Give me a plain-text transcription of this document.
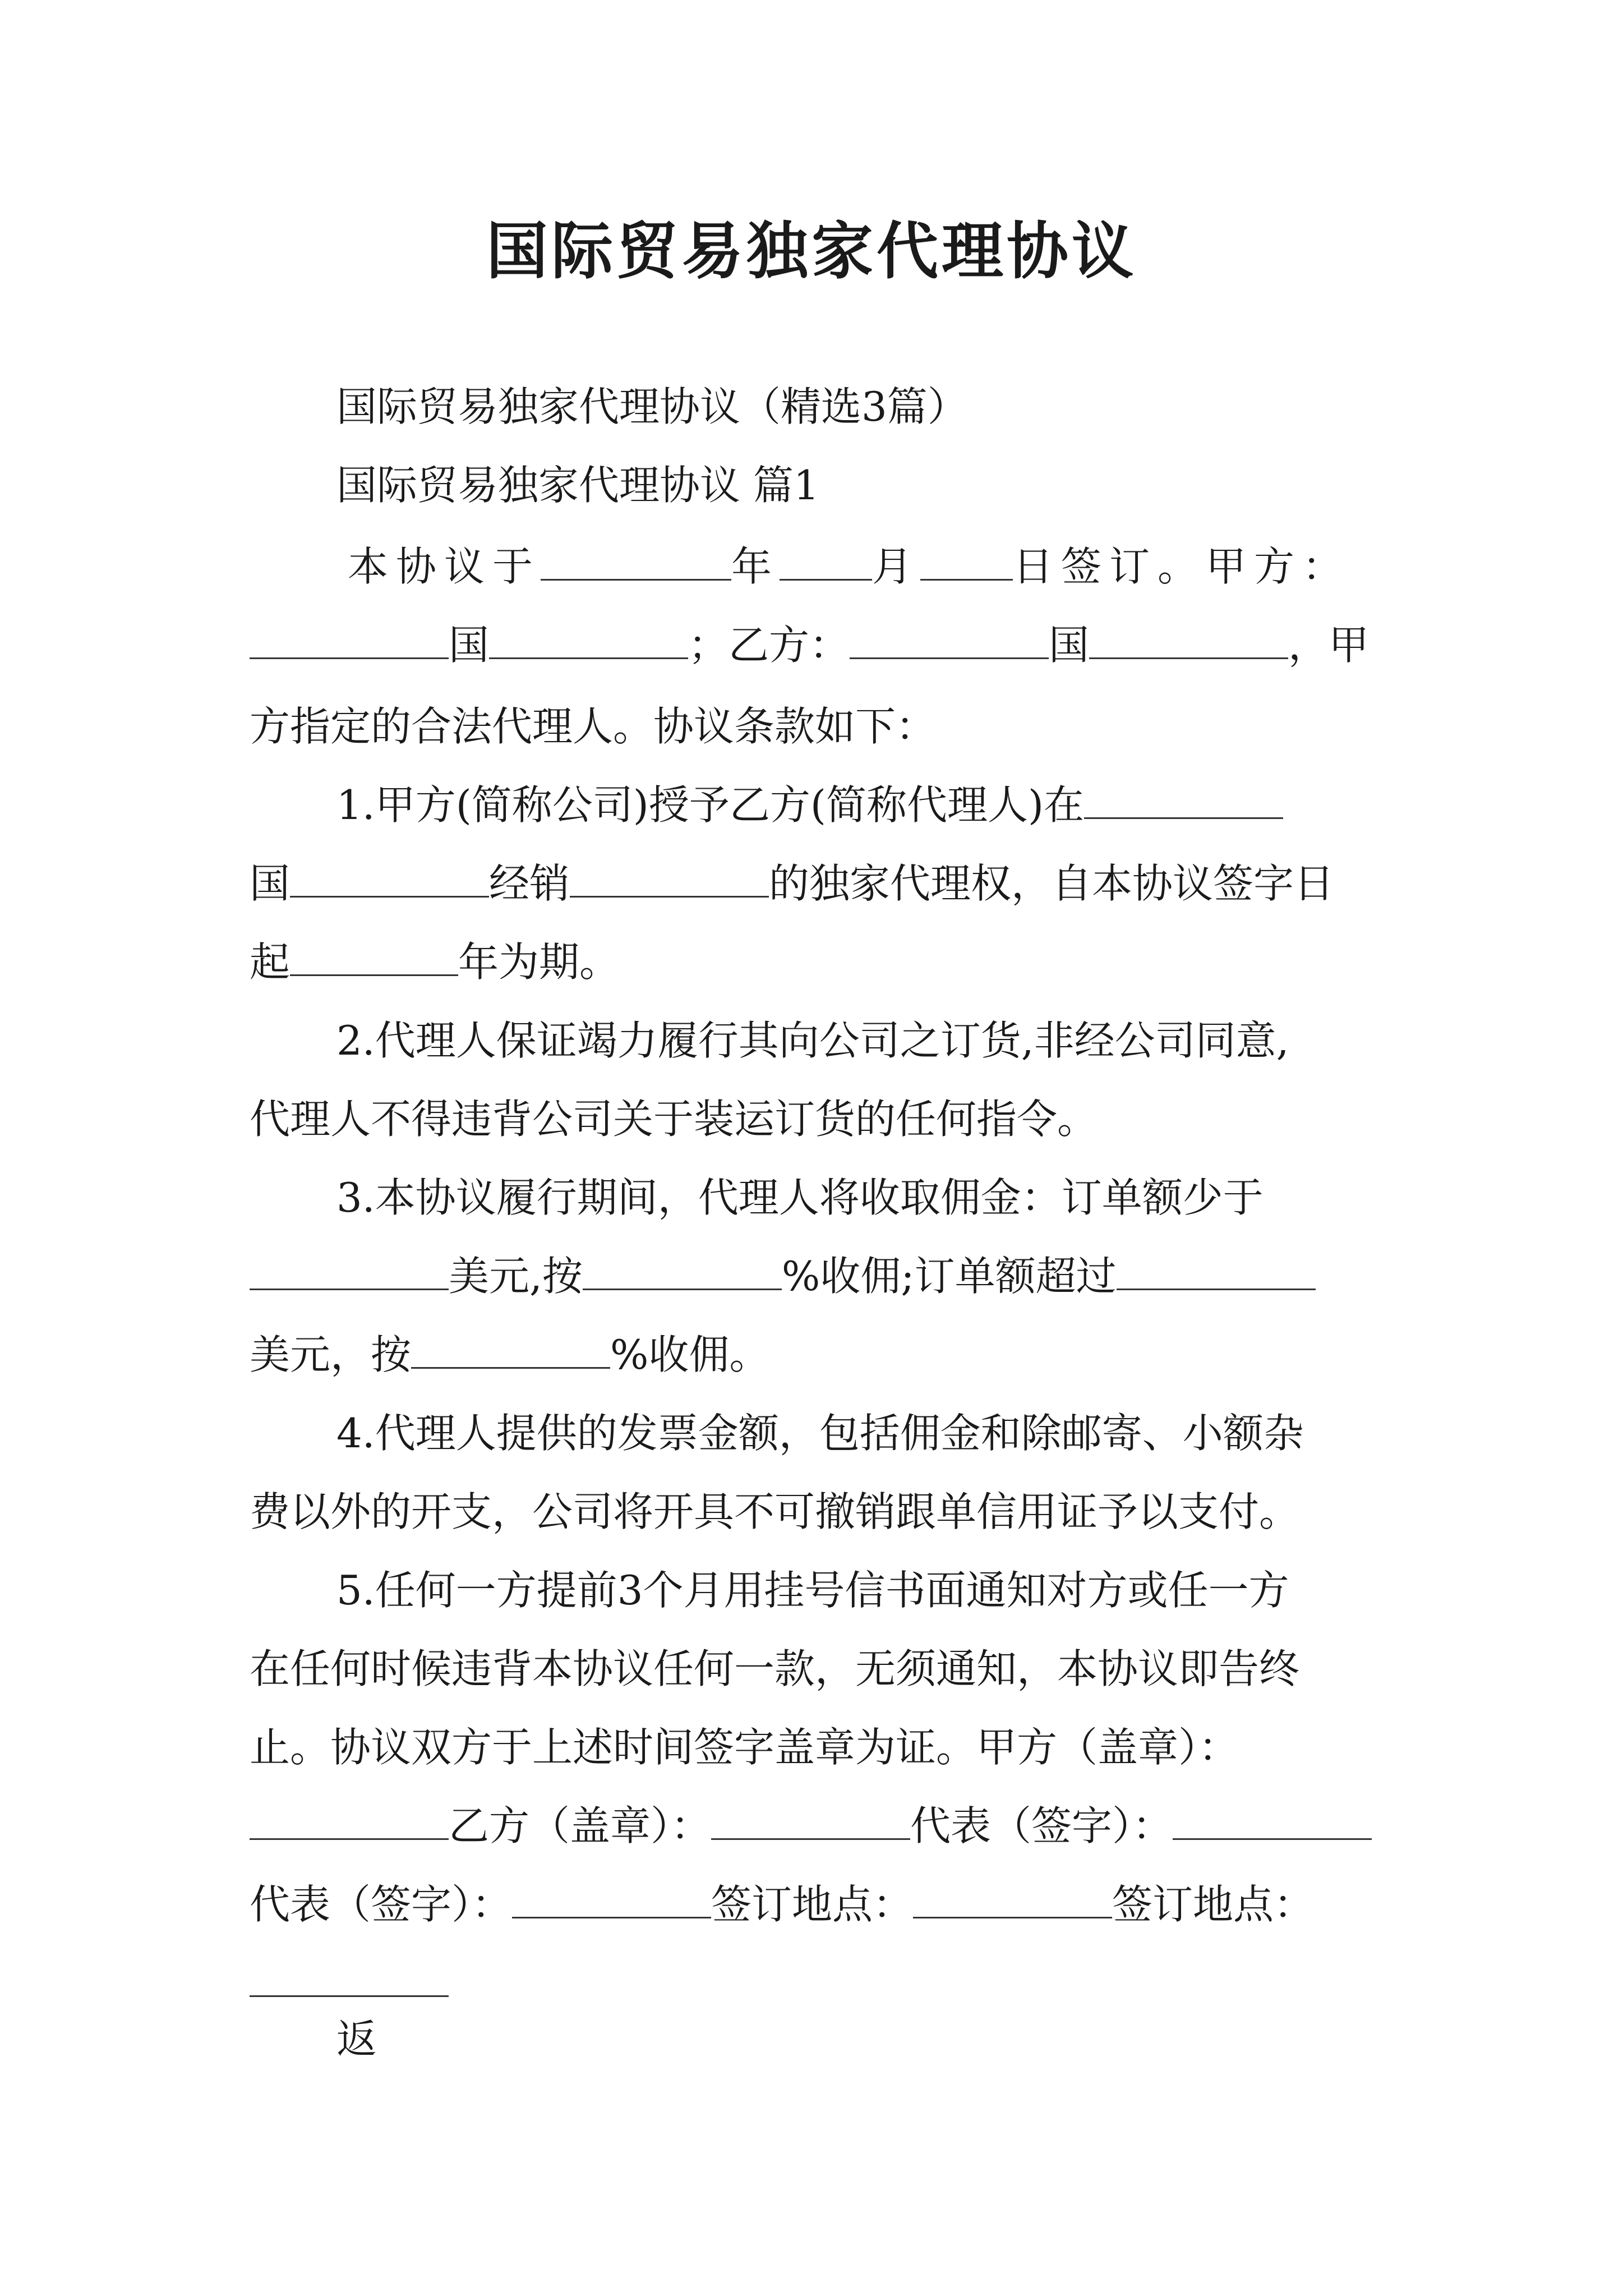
国际贸易独家代理协议
国际贸易独家代理协议（精选3篇）
国际贸易独家代理协议 篇1
本协议于	年 月 日签订。甲方：
国	；乙方：	国	，甲
方指定的合法代理人。协议条款如下：
1.甲方(简称公司)授予乙方(简称代理人)在
国	经销	的独家代理权，自本协议签字日
起	年为期。
2.代理人保证竭力履行其向公司之订货,非经公司同意,
代理人不得违背公司关于装运订货的任何指令。
3.本协议履行期间，代理人将收取佣金：订单额少于
美元,按	%收佣;订单额超过
美元，按	%收佣。
4.代理人提供的发票金额，包括佣金和除邮寄、小额杂
费以外的开支，公司将开具不可撤销跟单信用证予以支付。
5.任何一方提前3个月用挂号信书面通知对方或任一方
在任何时候违背本协议任何一款，无须通知，本协议即告终
止。协议双方于上述时间签字盖章为证。甲方（盖章）：
乙方（盖章）：	代表（签字）：
代表（签字）：	签订地点：	签订地点：
返
